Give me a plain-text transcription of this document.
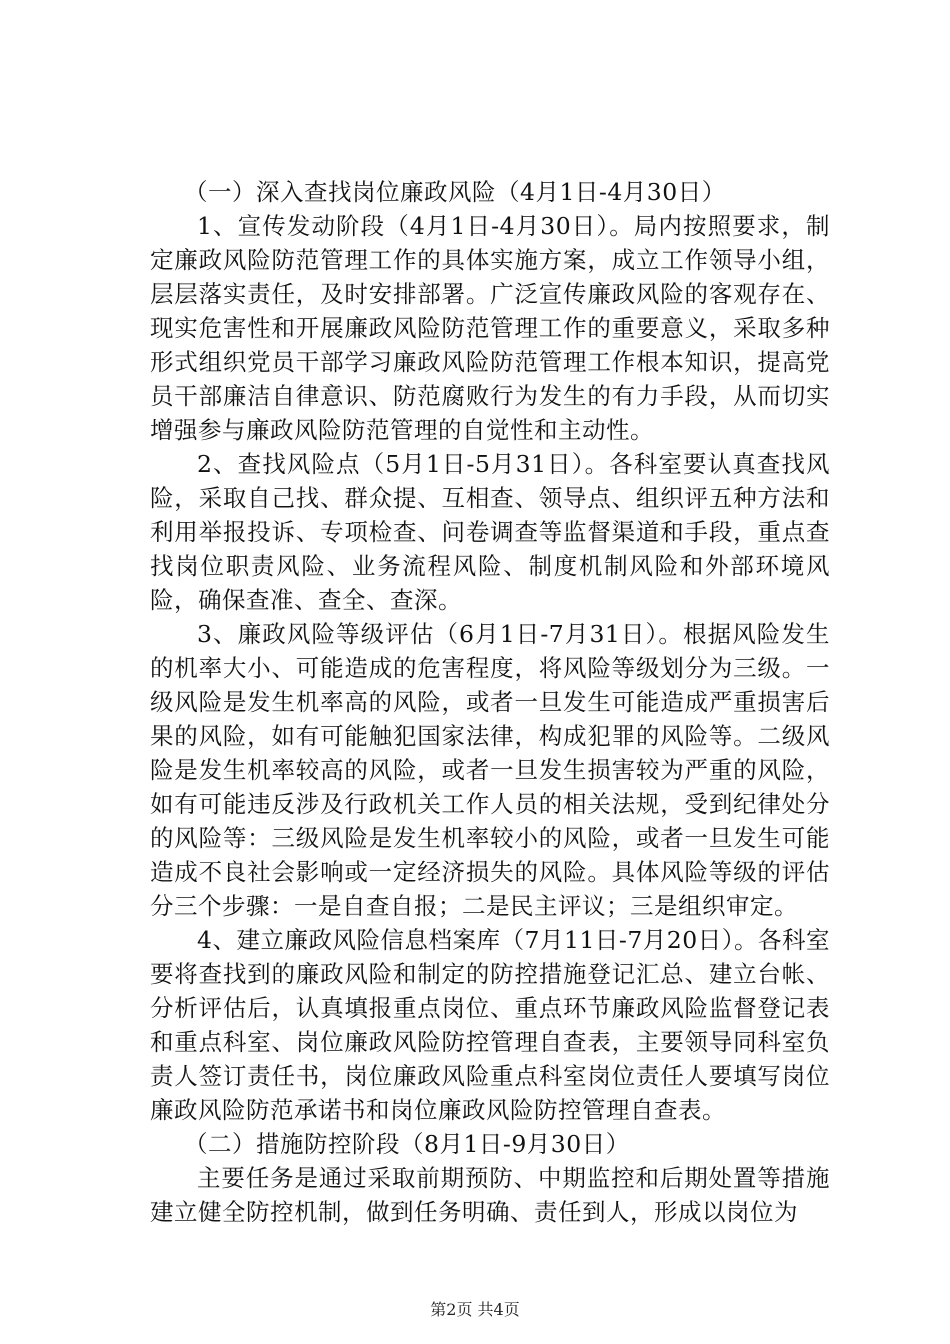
（一）深入查找岗位廉政风险（4月1日-4月30日）

1、宣传发动阶段（4月1日-4月30日）。局内按照要求，制定廉政风险防范管理工作的具体实施方案，成立工作领导小组，层层落实责任，及时安排部署。广泛宣传廉政风险的客观存在、现实危害性和开展廉政风险防范管理工作的重要意义，采取多种形式组织党员干部学习廉政风险防范管理工作根本知识，提高党员干部廉洁自律意识、防范腐败行为发生的有力手段，从而切实增强参与廉政风险防范管理的自觉性和主动性。

2、查找风险点（5月1日-5月31日）。各科室要认真查找风险，采取自己找、群众提、互相查、领导点、组织评五种方法和利用举报投诉、专项检查、问卷调查等监督渠道和手段，重点查找岗位职责风险、业务流程风险、制度机制风险和外部环境风险，确保查准、查全、查深。

3、廉政风险等级评估（6月1日-7月31日）。根据风险发生的机率大小、可能造成的危害程度，将风险等级划分为三级。一级风险是发生机率高的风险，或者一旦发生可能造成严重损害后果的风险，如有可能触犯国家法律，构成犯罪的风险等。二级风险是发生机率较高的风险，或者一旦发生损害较为严重的风险，如有可能违反涉及行政机关工作人员的相关法规，受到纪律处分的风险等：三级风险是发生机率较小的风险，或者一旦发生可能造成不良社会影响或一定经济损失的风险。具体风险等级的评估分三个步骤：一是自查自报；二是民主评议；三是组织审定。

4、建立廉政风险信息档案库（7月11日-7月20日）。各科室要将查找到的廉政风险和制定的防控措施登记汇总、建立台帐、分析评估后，认真填报重点岗位、重点环节廉政风险监督登记表和重点科室、岗位廉政风险防控管理自查表，主要领导同科室负责人签订责任书，岗位廉政风险重点科室岗位责任人要填写岗位廉政风险防范承诺书和岗位廉政风险防控管理自查表。

（二）措施防控阶段（8月1日-9月30日）

主要任务是通过采取前期预防、中期监控和后期处置等措施建立健全防控机制，做到任务明确、责任到人，形成以岗位为

第2页 共4页
